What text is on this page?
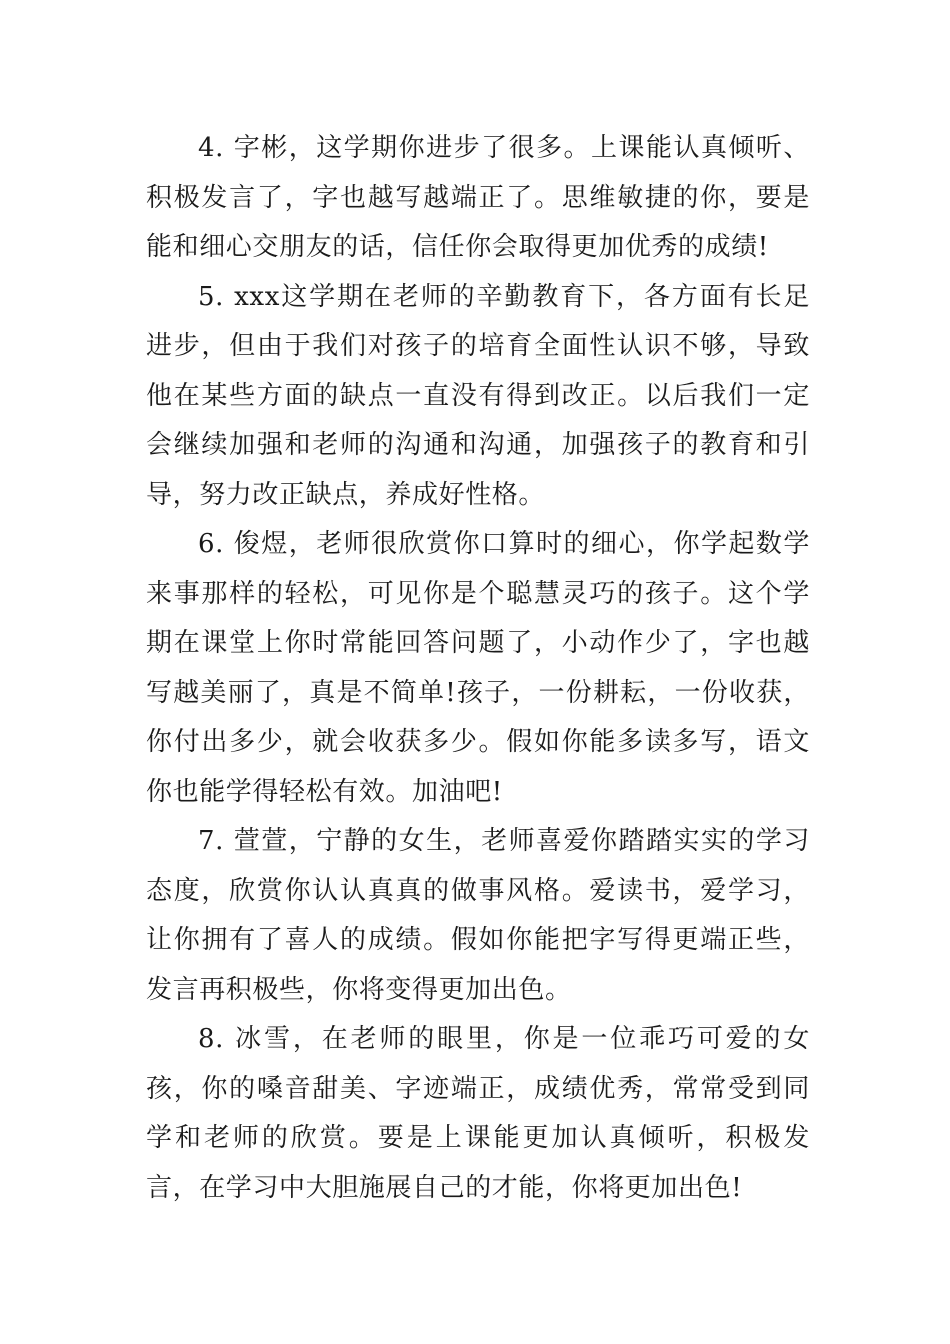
4. 字彬，这学期你进步了很多。上课能认真倾听、积极发言了，字也越写越端正了。思维敏捷的你，要是能和细心交朋友的话，信任你会取得更加优秀的成绩!

5. xxx这学期在老师的辛勤教育下，各方面有长足进步，但由于我们对孩子的培育全面性认识不够，导致他在某些方面的缺点一直没有得到改正。以后我们一定会继续加强和老师的沟通和沟通，加强孩子的教育和引导，努力改正缺点，养成好性格。

6. 俊煜，老师很欣赏你口算时的细心，你学起数学来事那样的轻松，可见你是个聪慧灵巧的孩子。这个学期在课堂上你时常能回答问题了，小动作少了，字也越写越美丽了，真是不简单!孩子，一份耕耘，一份收获，你付出多少，就会收获多少。假如你能多读多写，语文你也能学得轻松有效。加油吧!

7. 萱萱，宁静的女生，老师喜爱你踏踏实实的学习态度，欣赏你认认真真的做事风格。爱读书，爱学习，让你拥有了喜人的成绩。假如你能把字写得更端正些，发言再积极些，你将变得更加出色。

8. 冰雪，在老师的眼里，你是一位乖巧可爱的女孩，你的嗓音甜美、字迹端正，成绩优秀，常常受到同学和老师的欣赏。要是上课能更加认真倾听，积极发言，在学习中大胆施展自己的才能，你将更加出色!
